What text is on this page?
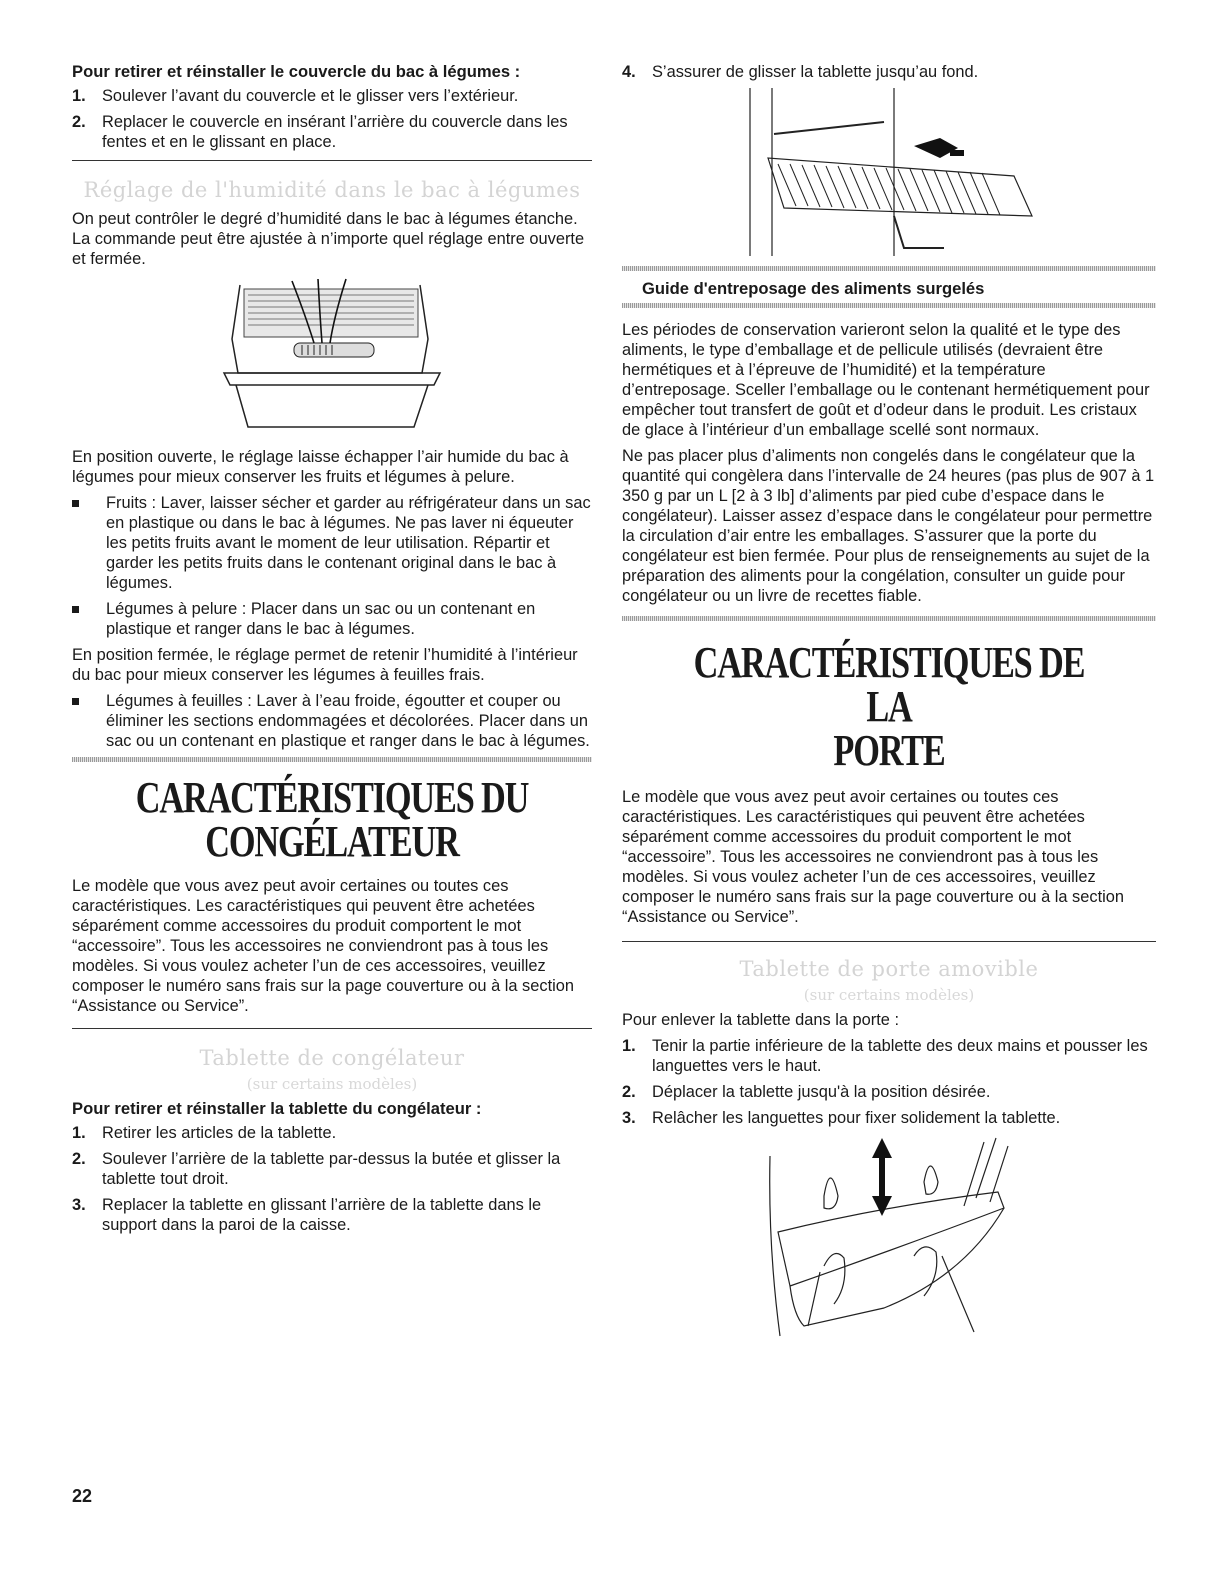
Pour retirer et réinstaller le couvercle du bac à légumes :

1. Soulever l’avant du couvercle et le glisser vers l’extérieur.
2. Replacer le couvercle en insérant l’arrière du couvercle dans les fentes et en le glissant en place.

Réglage de l'humidité dans le bac à légumes

On peut contrôler le degré d’humidité dans le bac à légumes étanche. La commande peut être ajustée à n’importe quel réglage entre ouverte et fermée.

En position ouverte, le réglage laisse échapper l’air humide du bac à légumes pour mieux conserver les fruits et légumes à pelure.

Fruits : Laver, laisser sécher et garder au réfrigérateur dans un sac en plastique ou dans le bac à légumes. Ne pas laver ni équeuter les petits fruits avant le moment de leur utilisation. Répartir et garder les petits fruits dans le contenant original dans le bac à légumes.
Légumes à pelure : Placer dans un sac ou un contenant en plastique et ranger dans le bac à légumes.

En position fermée, le réglage permet de retenir l’humidité à l’intérieur du bac pour mieux conserver les légumes à feuilles frais.

Légumes à feuilles : Laver à l’eau froide, égoutter et couper ou éliminer les sections endommagées et décolorées. Placer dans un sac ou un contenant en plastique et ranger dans le bac à légumes.

CARACTÉRISTIQUES DU

CONGÉLATEUR

Le modèle que vous avez peut avoir certaines ou toutes ces caractéristiques. Les caractéristiques qui peuvent être achetées séparément comme accessoires du produit comportent le mot “accessoire”. Tous les accessoires ne conviendront pas à tous les modèles. Si vous voulez acheter l’un de ces accessoires, veuillez composer le numéro sans frais sur la page couverture ou à la section “Assistance ou Service”.

Tablette de congélateur

(sur certains modèles)

Pour retirer et réinstaller la tablette du congélateur :

1. Retirer les articles de la tablette.
2. Soulever l’arrière de la tablette par-dessus la butée et glisser la tablette tout droit.
3. Replacer la tablette en glissant l’arrière de la tablette dans le support dans la paroi de la caisse.
4. S’assurer de glisser la tablette jusqu’au fond.

Guide d'entreposage des aliments surgelés

Les périodes de conservation varieront selon la qualité et le type des aliments, le type d’emballage et de pellicule utilisés (devraient être hermétiques et à l’épreuve de l’humidité) et la température d’entreposage. Sceller l’emballage ou le contenant hermétiquement pour empêcher tout transfert de goût et d’odeur dans le produit. Les cristaux de glace à l’intérieur d’un emballage scellé sont normaux.

Ne pas placer plus d’aliments non congelés dans le congélateur que la quantité qui congèlera dans l’intervalle de 24 heures (pas plus de 907 à 1 350 g par un L [2 à 3 lb] d’aliments par pied cube d’espace dans le congélateur). Laisser assez d’espace dans le congélateur pour permettre la circulation d’air entre les emballages. S’assurer que la porte du congélateur est bien fermée. Pour plus de renseignements au sujet de la préparation des aliments pour la congélation, consulter un guide pour congélateur ou un livre de recettes fiable.

CARACTÉRISTIQUES DE LA

PORTE

Le modèle que vous avez peut avoir certaines ou toutes ces caractéristiques. Les caractéristiques qui peuvent être achetées séparément comme accessoires du produit comportent le mot “accessoire”. Tous les accessoires ne conviendront pas à tous les modèles. Si vous voulez acheter l’un de ces accessoires, veuillez composer le numéro sans frais sur la page couverture ou à la section “Assistance ou Service”.

Tablette de porte amovible

(sur certains modèles)

Pour enlever la tablette dans la porte :

1. Tenir la partie inférieure de la tablette des deux mains et pousser les languettes vers le haut.
2. Déplacer la tablette jusqu'à la position désirée.
3. Relâcher les languettes pour fixer solidement la tablette.
22
